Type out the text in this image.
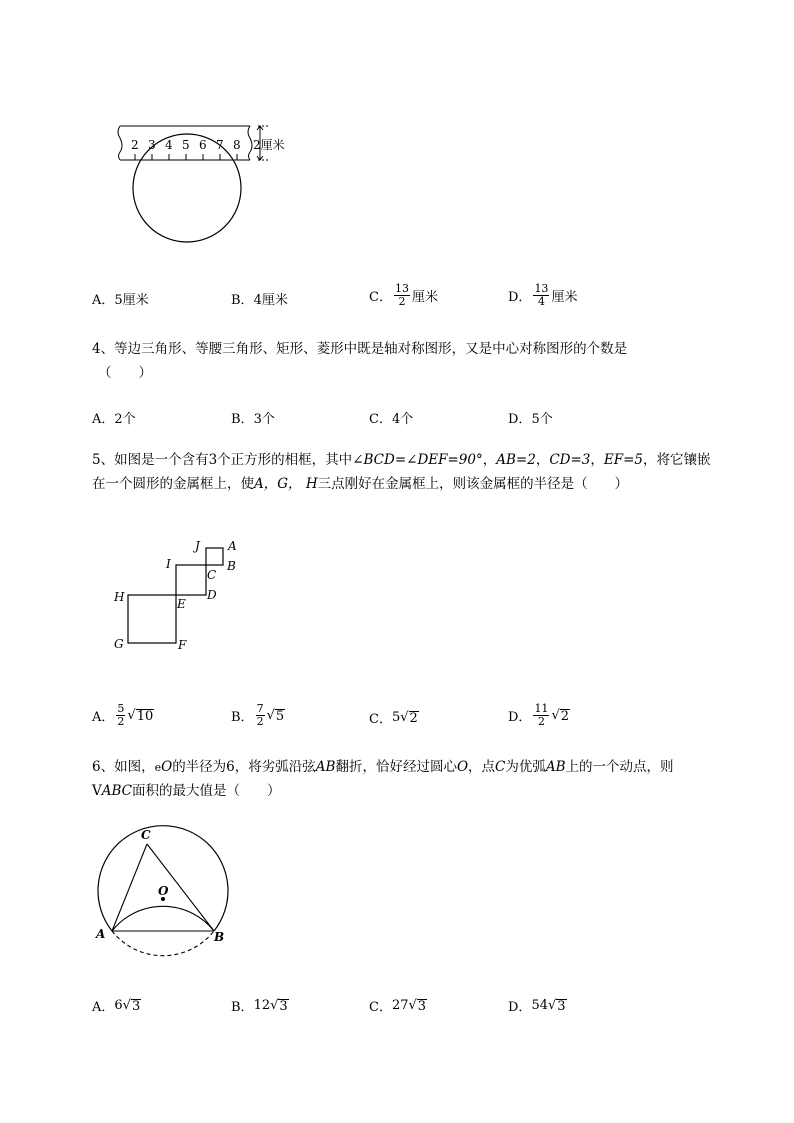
2 3 4 5 6 7 8 2厘米
A． 5厘米	B． 4厘米	C． $\frac{13}{2}$ 厘米	D． $\frac{13}{4}$ 厘米
4、等边三角形、等腰三角形、矩形、菱形中既是轴对称图形，又是中心对称图形的个数是
（　　）
A． 2个	B． 3个	C． 4个	D． 5个
5、如图是一个含有3个正方形的相框，其中∠BCD=∠DEF=90°，AB=2，CD=3，EF=5，将它镶嵌
在一个圆形的金属框上，使A，G， H三点刚好在金属框上，则该金属框的半径是（　　）
J A
I
C
B
H	E
D
G	F
A． $\frac{5}{2}$ √ 10	B． $\frac{7}{2}$ √ 5	C． 5 √ 2	D． $\frac{11}{2}$ √ 2
6、如图，eO的半径为6，将劣弧沿弦AB翻折，恰好经过圆心O，点C为优弧AB上的一个动点，则
VABC面积的最大值是（　　）
C
O
A	B
A． 6 √ 3	B． 12 √ 3	C． 27 √ 3	D． 54 √ 3
